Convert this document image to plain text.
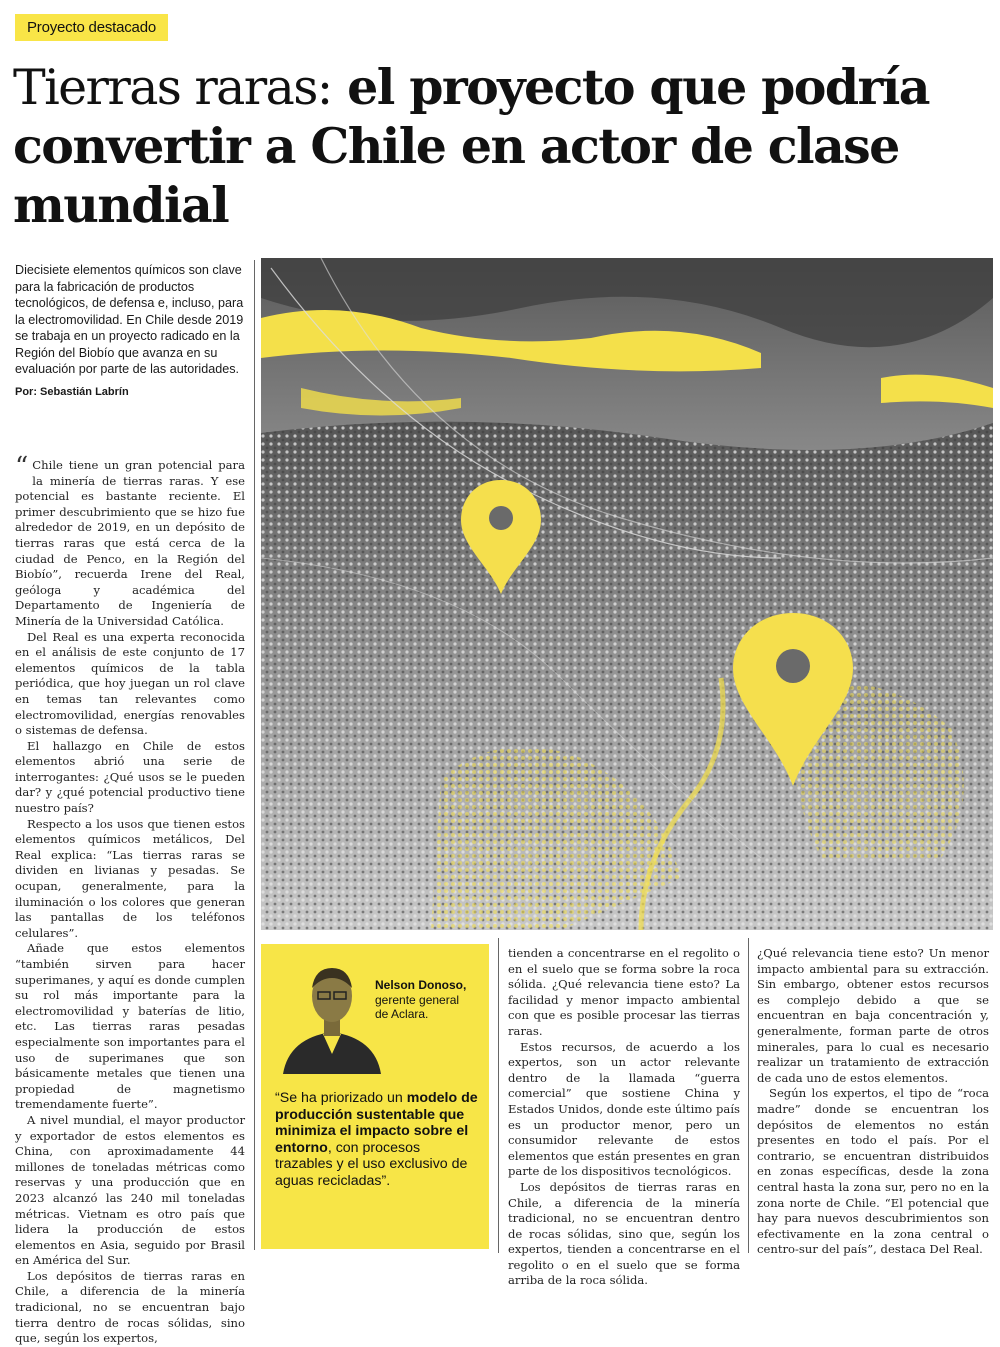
Proyecto destacado
Tierras raras: el proyecto que podría convertir a Chile en actor de clase mundial

Diecisiete elementos químicos son clave para la fabricación de productos tecnológicos, de defensa e, incluso, para la electromovilidad. En Chile desde 2019 se trabaja en un proyecto radicado en la Región del Biobío que avanza en su evaluación por parte de las autoridades.

Por: Sebastián Labrín

“ Chile tiene un gran potencial para la minería de tierras raras. Y ese potencial es bastante reciente. El primer descubrimiento que se hizo fue alrededor de 2019, en un depósito de tierras raras que está cerca de la ciudad de Penco, en la Región del Biobío”, recuerda Irene del Real, geóloga y académica del Departamento de Ingeniería de Minería de la Universidad Católica.

Del Real es una experta reconocida en el análisis de este conjunto de 17 elementos químicos de la tabla periódica, que hoy juegan un rol clave en temas tan relevantes como electromovilidad, energías renovables o sistemas de defensa.

El hallazgo en Chile de estos elementos abrió una serie de interrogantes: ¿Qué usos se le pueden dar? y ¿qué potencial productivo tiene nuestro país?

Respecto a los usos que tienen estos elementos químicos metálicos, Del Real explica: “Las tierras raras se dividen en livianas y pesadas. Se ocupan, generalmente, para la iluminación o los colores que generan las pantallas de los teléfonos celulares”.

Añade que estos elementos “también sirven para hacer superimanes, y aquí es donde cumplen su rol más importante para la electromovilidad y baterías de litio, etc. Las tierras raras pesadas especialmente son importantes para el uso de superimanes que son básicamente metales que tienen una propiedad de magnetismo tremendamente fuerte”.

A nivel mundial, el mayor productor y exportador de estos elementos es China, con aproximadamente 44 millones de toneladas métricas como reservas y una producción que en 2023 alcanzó las 240 mil toneladas métricas. Vietnam es otro país que lidera la producción de estos elementos en Asia, seguido por Brasil en América del Sur.

Los depósitos de tierras raras en Chile, a diferencia de la minería tradicional, no se encuentran bajo tierra dentro de rocas sólidas, sino que, según los expertos,

Nelson Donoso,
gerente general
de Aclara.

“Se ha priorizado un modelo de producción sustentable que minimiza el impacto sobre el entorno, con procesos trazables y el uso exclusivo de aguas recicladas”.

tienden a concentrarse en el regolito o en el suelo que se forma sobre la roca sólida. ¿Qué relevancia tiene esto? La facilidad y menor impacto ambiental con que es posible procesar las tierras raras.

Estos recursos, de acuerdo a los expertos, son un actor relevante dentro de la llamada “guerra comercial” que sostiene China y Estados Unidos, donde este último país es un productor menor, pero un consumidor relevante de estos elementos que están presentes en gran parte de los dispositivos tecnológicos.

Los depósitos de tierras raras en Chile, a diferencia de la minería tradicional, no se encuentran dentro de rocas sólidas, sino que, según los expertos, tienden a concentrarse en el regolito o en el suelo que se forma arriba de la roca sólida.

¿Qué relevancia tiene esto? Un menor impacto ambiental para su extracción. Sin embargo, obtener estos recursos es complejo debido a que se encuentran en baja concentración y, generalmente, forman parte de otros minerales, para lo cual es necesario realizar un tratamiento de extracción de cada uno de estos elementos.

Según los expertos, el tipo de “roca madre” donde se encuentran los depósitos de elementos no están presentes en todo el país. Por el contrario, se encuentran distribuidos en zonas específicas, desde la zona central hasta la zona sur, pero no en la zona norte de Chile. “El potencial que hay para nuevos descubrimientos son efectivamente en la zona central o centro-sur del país”, destaca Del Real.
